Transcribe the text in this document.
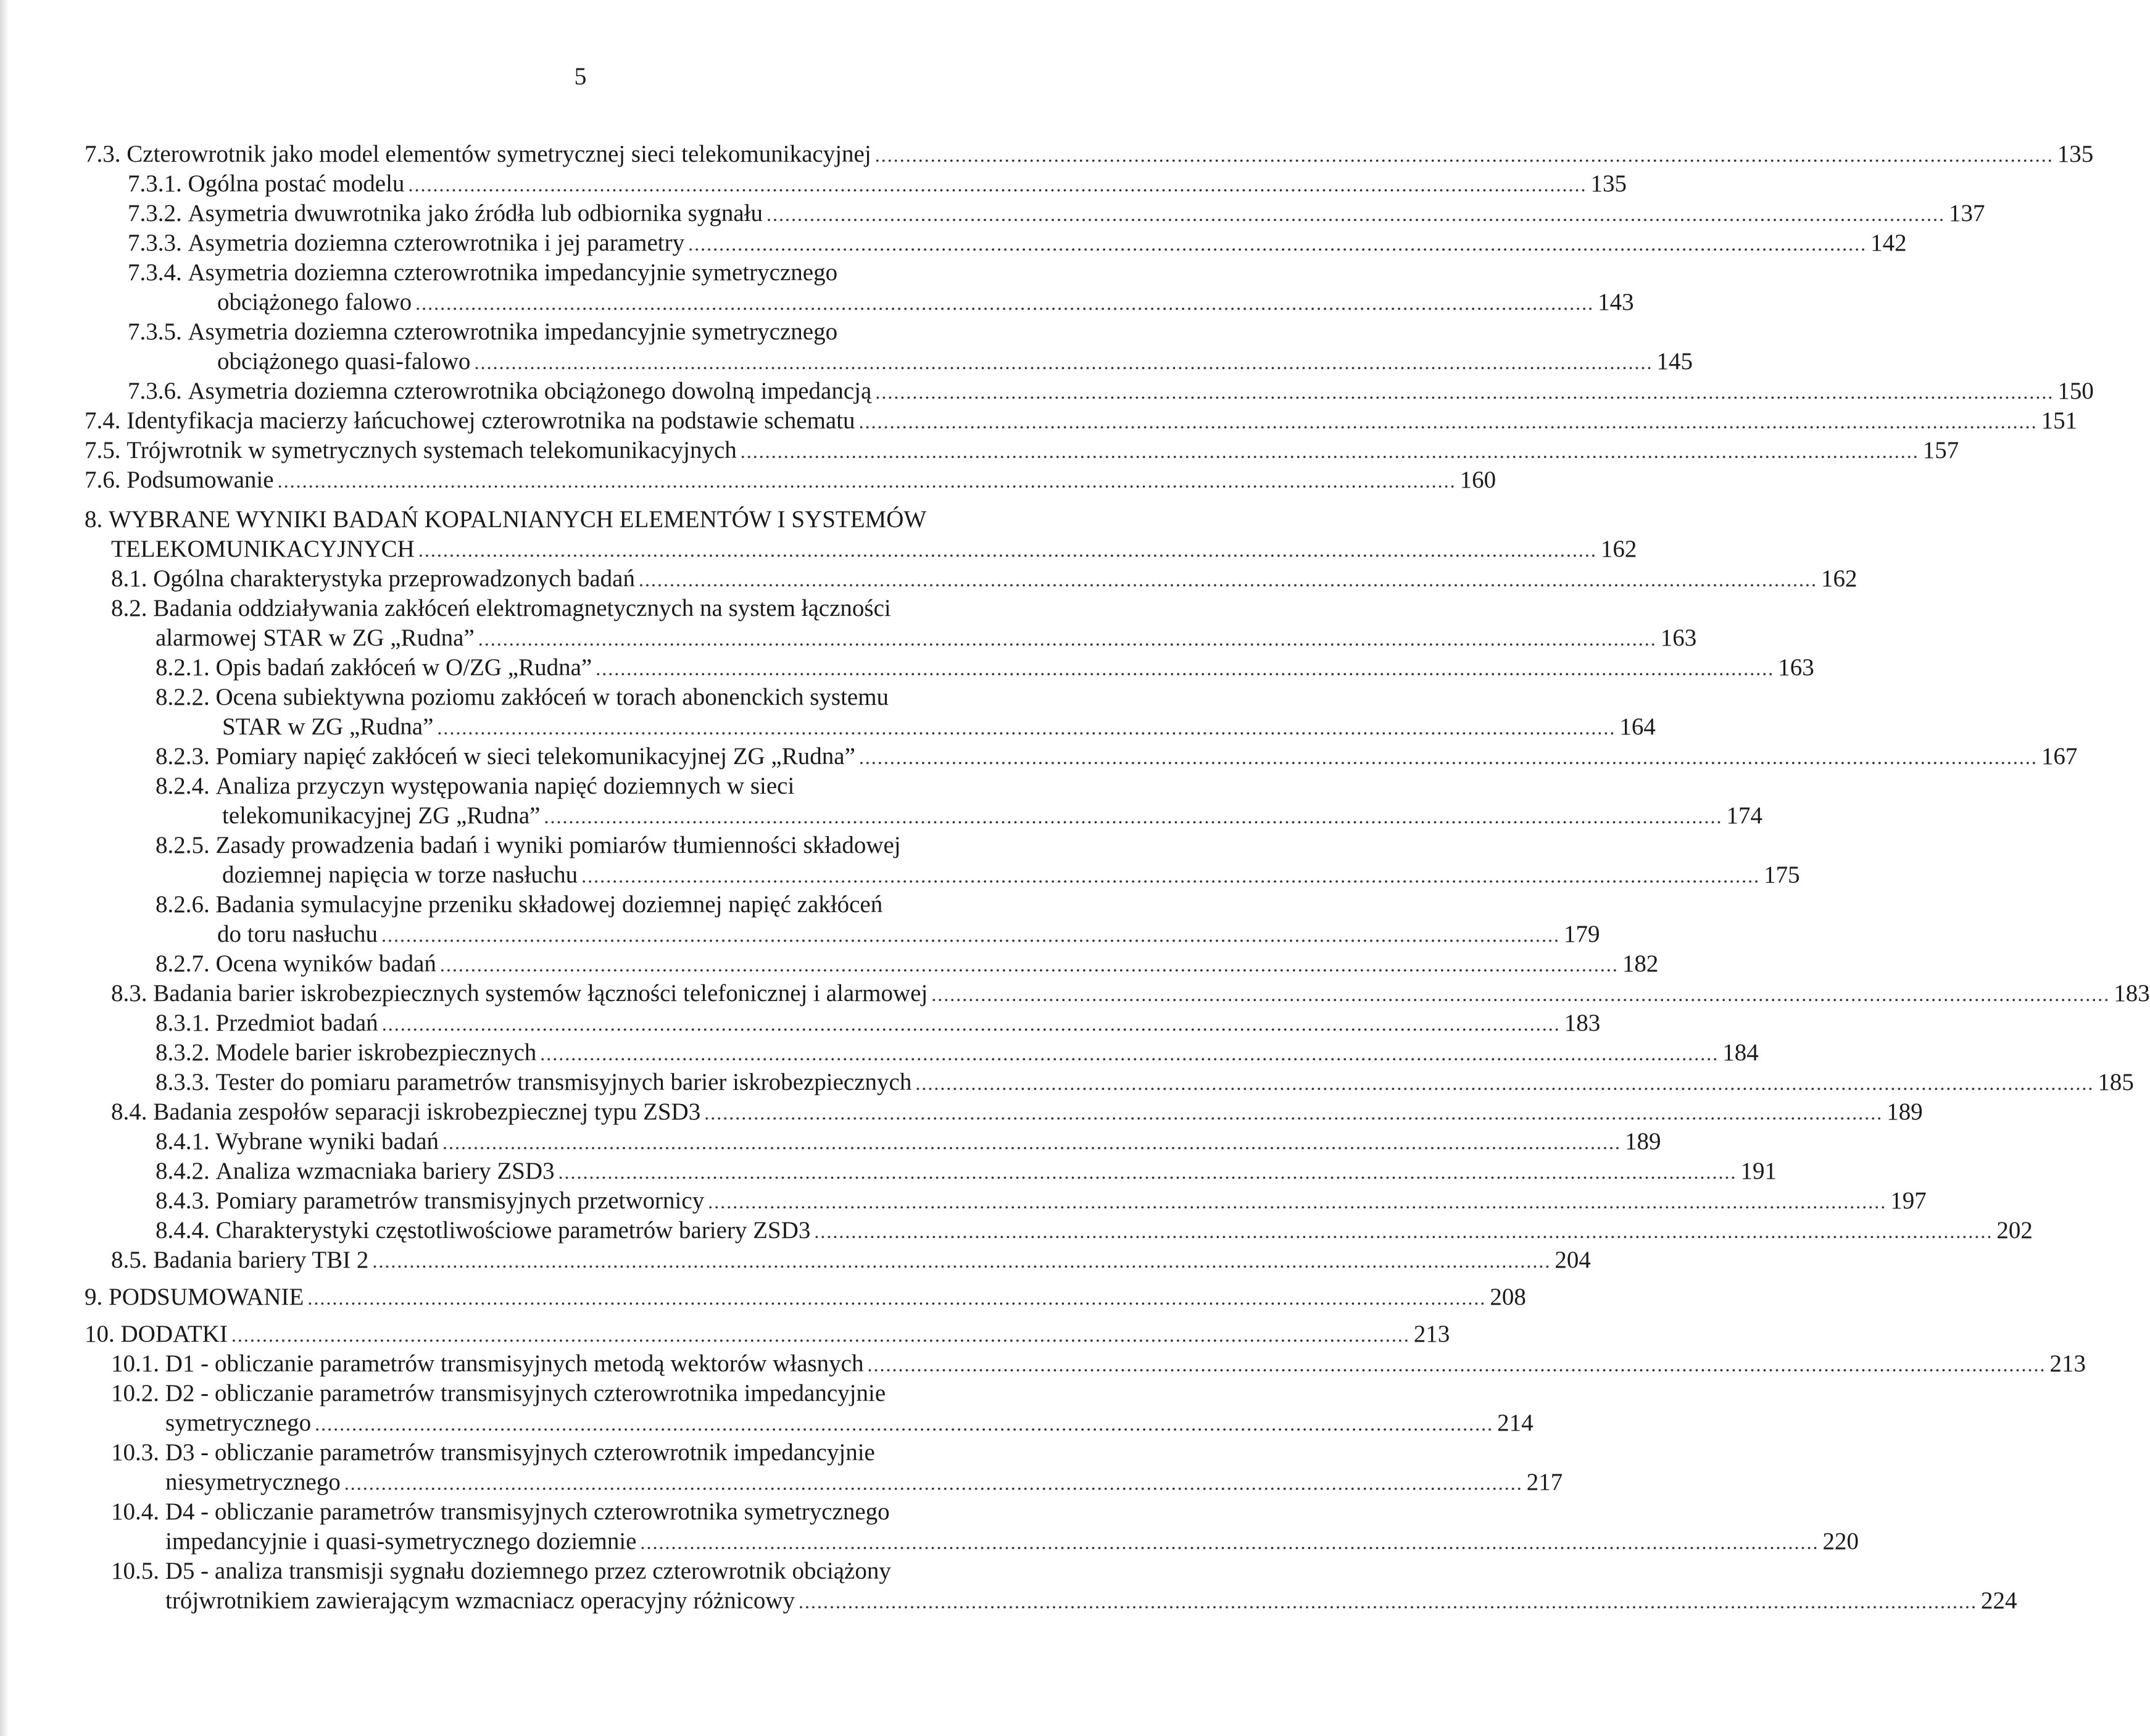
5
7.3.
Czterowrotnik jako model elementów symetrycznej sieci telekomunikacyjnej ............................................................................................................................................................................................... 135
7.3.1.
Ogólna postać modelu ............................................................................................................................................................................................... 135
7.3.2.
Asymetria dwuwrotnika jako źródła lub odbiornika sygnału ............................................................................................................................................................................................... 137
7.3.3.
Asymetria doziemna czterowrotnika i jej parametry ............................................................................................................................................................................................... 142
7.3.4. Asymetria doziemna czterowrotnika impedancyjnie symetrycznego
obciążonego falowo ............................................................................................................................................................................................... 143
7.3.5. Asymetria doziemna czterowrotnika impedancyjnie symetrycznego
obciążonego quasi-falowo ............................................................................................................................................................................................... 145
7.3.6.
Asymetria doziemna czterowrotnika obciążonego dowolną impedancją ............................................................................................................................................................................................... 150
7.4.
Identyfikacja macierzy łańcuchowej czterowrotnika na podstawie schematu ............................................................................................................................................................................................... 151
7.5.
Trójwrotnik w symetrycznych systemach telekomunikacyjnych ............................................................................................................................................................................................... 157
7.6.
Podsumowanie ............................................................................................................................................................................................... 160
8. WYBRANE WYNIKI BADAŃ KOPALNIANYCH ELEMENTÓW I SYSTEMÓW
TELEKOMUNIKACYJNYCH ............................................................................................................................................................................................... 162
8.1.
Ogólna charakterystyka przeprowadzonych badań ............................................................................................................................................................................................... 162
8.2. Badania oddziaływania zakłóceń elektromagnetycznych na system łączności
alarmowej STAR w ZG „Rudna” ............................................................................................................................................................................................... 163
8.2.1.
Opis badań zakłóceń w O/ZG „Rudna” ............................................................................................................................................................................................... 163
8.2.2. Ocena subiektywna poziomu zakłóceń w torach abonenckich systemu
STAR w ZG „Rudna” ............................................................................................................................................................................................... 164
8.2.3.
Pomiary napięć zakłóceń w sieci telekomunikacyjnej ZG „Rudna” ............................................................................................................................................................................................... 167
8.2.4. Analiza przyczyn występowania napięć doziemnych w sieci
telekomunikacyjnej ZG „Rudna” ............................................................................................................................................................................................... 174
8.2.5. Zasady prowadzenia badań i wyniki pomiarów tłumienności składowej
doziemnej napięcia w torze nasłuchu ............................................................................................................................................................................................... 175
8.2.6. Badania symulacyjne przeniku składowej doziemnej napięć zakłóceń
do toru nasłuchu ............................................................................................................................................................................................... 179
8.2.7.
Ocena wyników badań ............................................................................................................................................................................................... 182
8.3.
Badania barier iskrobezpiecznych systemów łączności telefonicznej i alarmowej ............................................................................................................................................................................................... 183
8.3.1.
Przedmiot badań ............................................................................................................................................................................................... 183
8.3.2.
Modele barier iskrobezpiecznych ............................................................................................................................................................................................... 184
8.3.3.
Tester do pomiaru parametrów transmisyjnych barier iskrobezpiecznych ............................................................................................................................................................................................... 185
8.4.
Badania zespołów separacji iskrobezpiecznej typu ZSD3 ............................................................................................................................................................................................... 189
8.4.1.
Wybrane wyniki badań ............................................................................................................................................................................................... 189
8.4.2.
Analiza wzmacniaka bariery ZSD3 ............................................................................................................................................................................................... 191
8.4.3.
Pomiary parametrów transmisyjnych przetwornicy ............................................................................................................................................................................................... 197
8.4.4.
Charakterystyki częstotliwościowe parametrów bariery ZSD3 ............................................................................................................................................................................................... 202
8.5.
Badania bariery TBI 2 ............................................................................................................................................................................................... 204
9.
PODSUMOWANIE ............................................................................................................................................................................................... 208
10.
DODATKI ............................................................................................................................................................................................... 213
10.1.
D1 - obliczanie parametrów transmisyjnych metodą wektorów własnych ............................................................................................................................................................................................... 213
10.2. D2 - obliczanie parametrów transmisyjnych czterowrotnika impedancyjnie
symetrycznego ............................................................................................................................................................................................... 214
10.3. D3 - obliczanie parametrów transmisyjnych czterowrotnik impedancyjnie
niesymetrycznego ............................................................................................................................................................................................... 217
10.4. D4 - obliczanie parametrów transmisyjnych czterowrotnika symetrycznego
impedancyjnie i quasi-symetrycznego doziemnie ............................................................................................................................................................................................... 220
10.5. D5 - analiza transmisji sygnału doziemnego przez czterowrotnik obciążony
trójwrotnikiem zawierającym wzmacniacz operacyjny różnicowy ............................................................................................................................................................................................... 224
